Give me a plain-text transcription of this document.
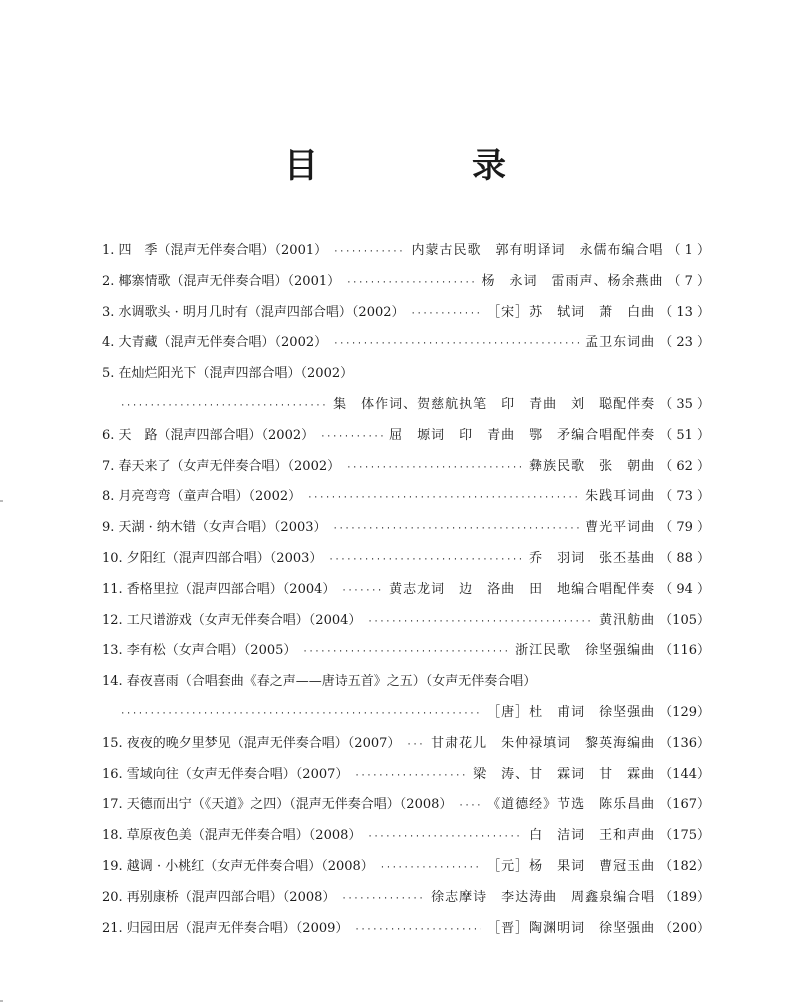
目　录
1. 四　季（混声无伴奏合唱）（2001） ·····	内蒙古民歌　郭有明译词　永儒布编合唱 （ 1 ）
2. 椰寨情歌（混声无伴奏合唱）（2001） ·····	杨　永词　雷雨声、杨余燕曲 （ 7 ）
3. 水调歌头 · 明月几时有（混声四部合唱）（2002） ·····	［宋］苏　轼词　萧　白曲 （ 13 ）
4. 大青藏（混声无伴奏合唱）（2002） ·····	孟卫东词曲 （ 23 ）
5. 在灿烂阳光下（混声四部合唱）（2002）
·····
集　体作词、贺慈航执笔　印　青曲　刘　聪配伴奏 （ 35 ）
6. 天　路（混声四部合唱）（2002） ·····	屈　塬词　印　青曲　鄂　矛编合唱配伴奏 （ 51 ）
7. 春天来了（女声无伴奏合唱）（2002） ·····	彝族民歌　张　朝曲 （ 62 ）
8. 月亮弯弯（童声合唱）（2002） ·····	朱践耳词曲 （ 73 ）
9. 天湖 · 纳木错（女声合唱）（2003） ·····	曹光平词曲 （ 79 ）
10. 夕阳红（混声四部合唱）（2003） ·····	乔　羽词　张丕基曲 （ 88 ）
11. 香格里拉（混声四部合唱）（2004） ·····	黄志龙词　边　洛曲　田　地编合唱配伴奏 （ 94 ）
12. 工尺谱游戏（女声无伴奏合唱）（2004） ·····	黄汛舫曲 （105）
13. 李有松（女声合唱）（2005） ·····	浙江民歌　徐坚强编曲 （116）
14. 春夜喜雨（合唱套曲《春之声——唐诗五首》之五）（女声无伴奏合唱）
·····
［唐］杜　甫词　徐坚强曲 （129）
15. 夜夜的晚夕里梦见（混声无伴奏合唱）（2007） ····· 甘肃花儿　朱仲禄填词　黎英海编曲 （136）
16. 雪域向往（女声无伴奏合唱）（2007） ·····	梁　涛、甘　霖词　甘　霖曲 （144）
17. 天德而出宁（《天道》之四）（混声无伴奏合唱）（2008） ·····	《道德经》节选　陈乐昌曲 （167）
18. 草原夜色美（混声无伴奏合唱）（2008） ·····	白　洁词　王和声曲 （175）
19. 越调 · 小桃红（女声无伴奏合唱）（2008） ·····	［元］杨　果词　曹冠玉曲 （182）
20. 再别康桥（混声四部合唱）（2008） ·····	徐志摩诗　李达涛曲　周鑫泉编合唱 （189）
21. 归园田居（混声无伴奏合唱）（2009） ·····	［晋］陶渊明词　徐坚强曲 （200）
